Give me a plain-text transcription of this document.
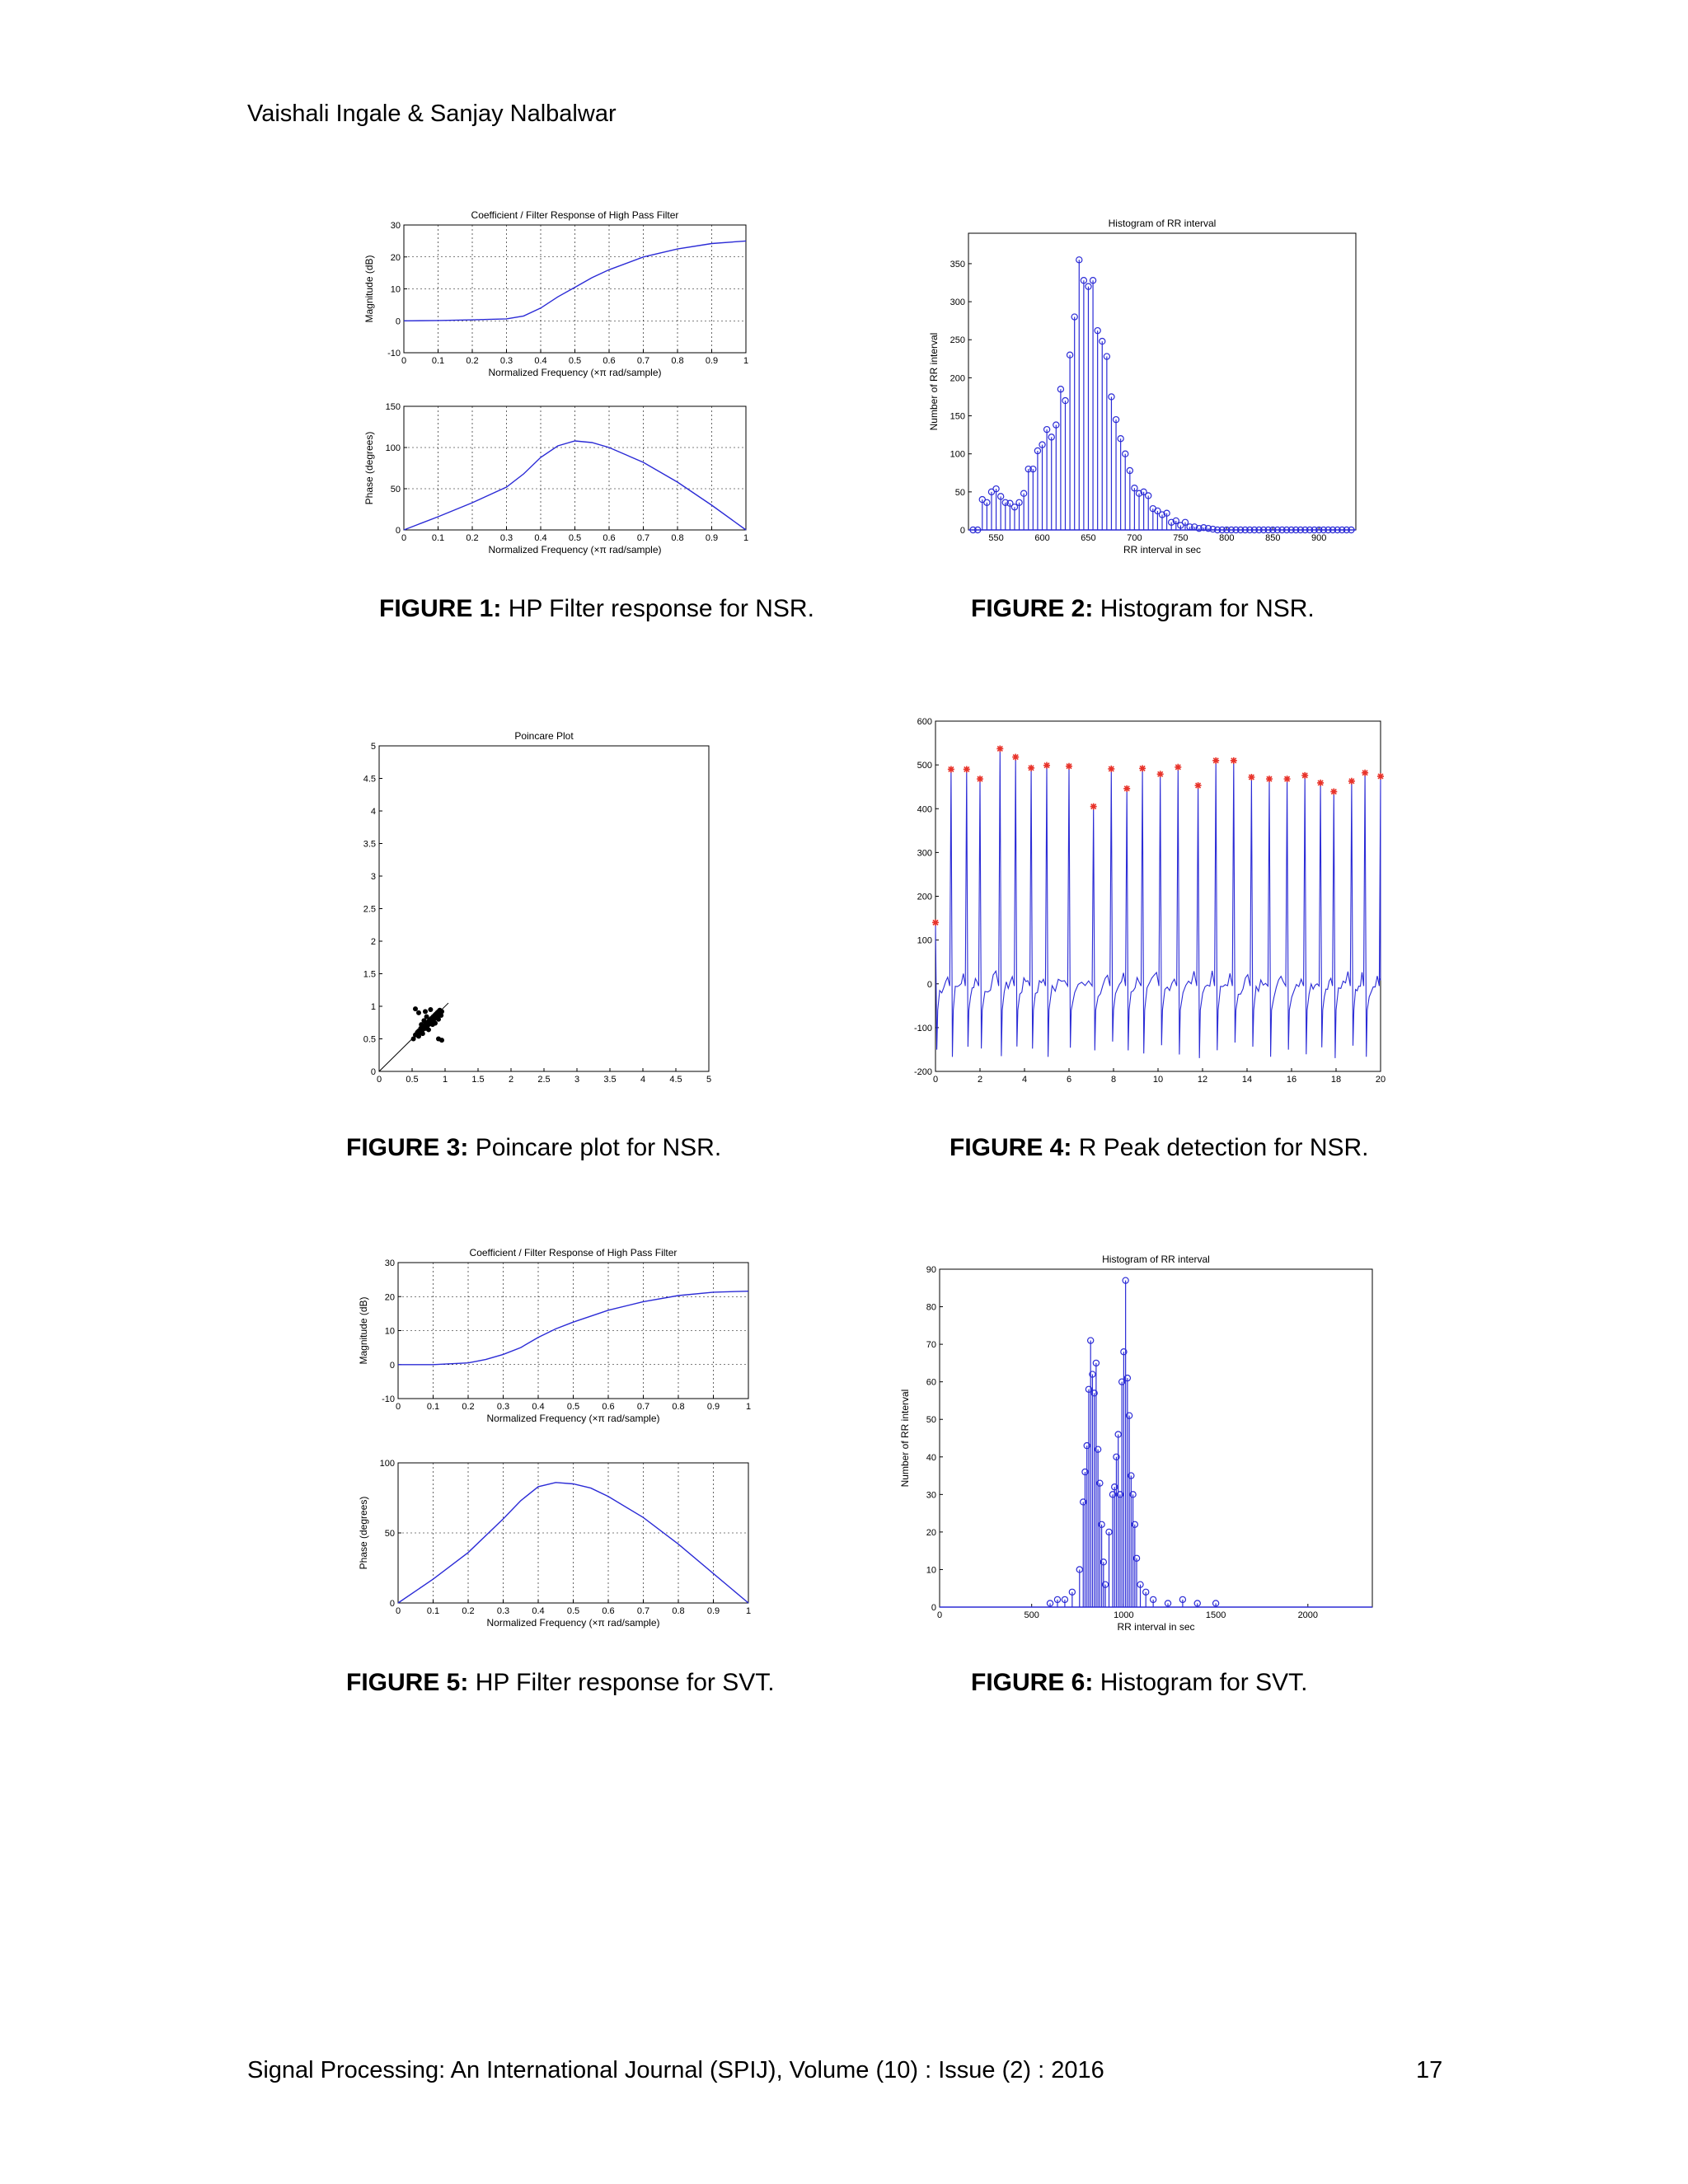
Vaishali Ingale & Sanjay Nalbalwar
0	0.1 0.2 0.3 0.4 0.5 0.6 0.7 0.8 0.9	1
-10
0
10
20
30
Coefficient / Filter Response of High Pass Filter
Normalized Frequency (×π rad/sample)
Magnitude (dB)
0	0.1 0.2 0.3 0.4 0.5 0.6 0.7 0.8 0.9	1
0
50
100
150
Normalized Frequency (×π rad/sample)
Phase (degrees)
FIGURE 1: HP Filter response for NSR.
550	600	650	700	750	800	850	900
0
50
100
150
200
250
300
350
Histogram of RR interval
RR interval in sec
Number of RR interval
FIGURE 2: Histogram for NSR.
0	0.5	1	1.5	2	2.5	3	3.5	4	4.5	5
0
0.5
1
1.5
2
2.5
3
3.5
4
4.5
5
Poincare Plot
FIGURE 3: Poincare plot for NSR.
0	2	4	6	8	10	12	14	16	18	20
-200
-100
0
100
200
300
400
500
600
FIGURE 4: R Peak detection for NSR.
0	0.1 0.2 0.3 0.4 0.5 0.6 0.7 0.8 0.9	1
-10
0
10
20
30
Coefficient / Filter Response of High Pass Filter
Normalized Frequency (×π rad/sample)
Magnitude (dB)
0	0.1 0.2 0.3 0.4 0.5 0.6 0.7 0.8 0.9	1
0
50
100
Normalized Frequency (×π rad/sample)
Phase (degrees)
FIGURE 5: HP Filter response for SVT.
0	500	1000	1500	2000
0
10
20
30
40
50
60
70
80
90
Histogram of RR interval
RR interval in sec
Number of RR interval
FIGURE 6: Histogram for SVT.
Signal Processing: An International Journal (SPIJ), Volume (10) : Issue (2) : 2016	17
